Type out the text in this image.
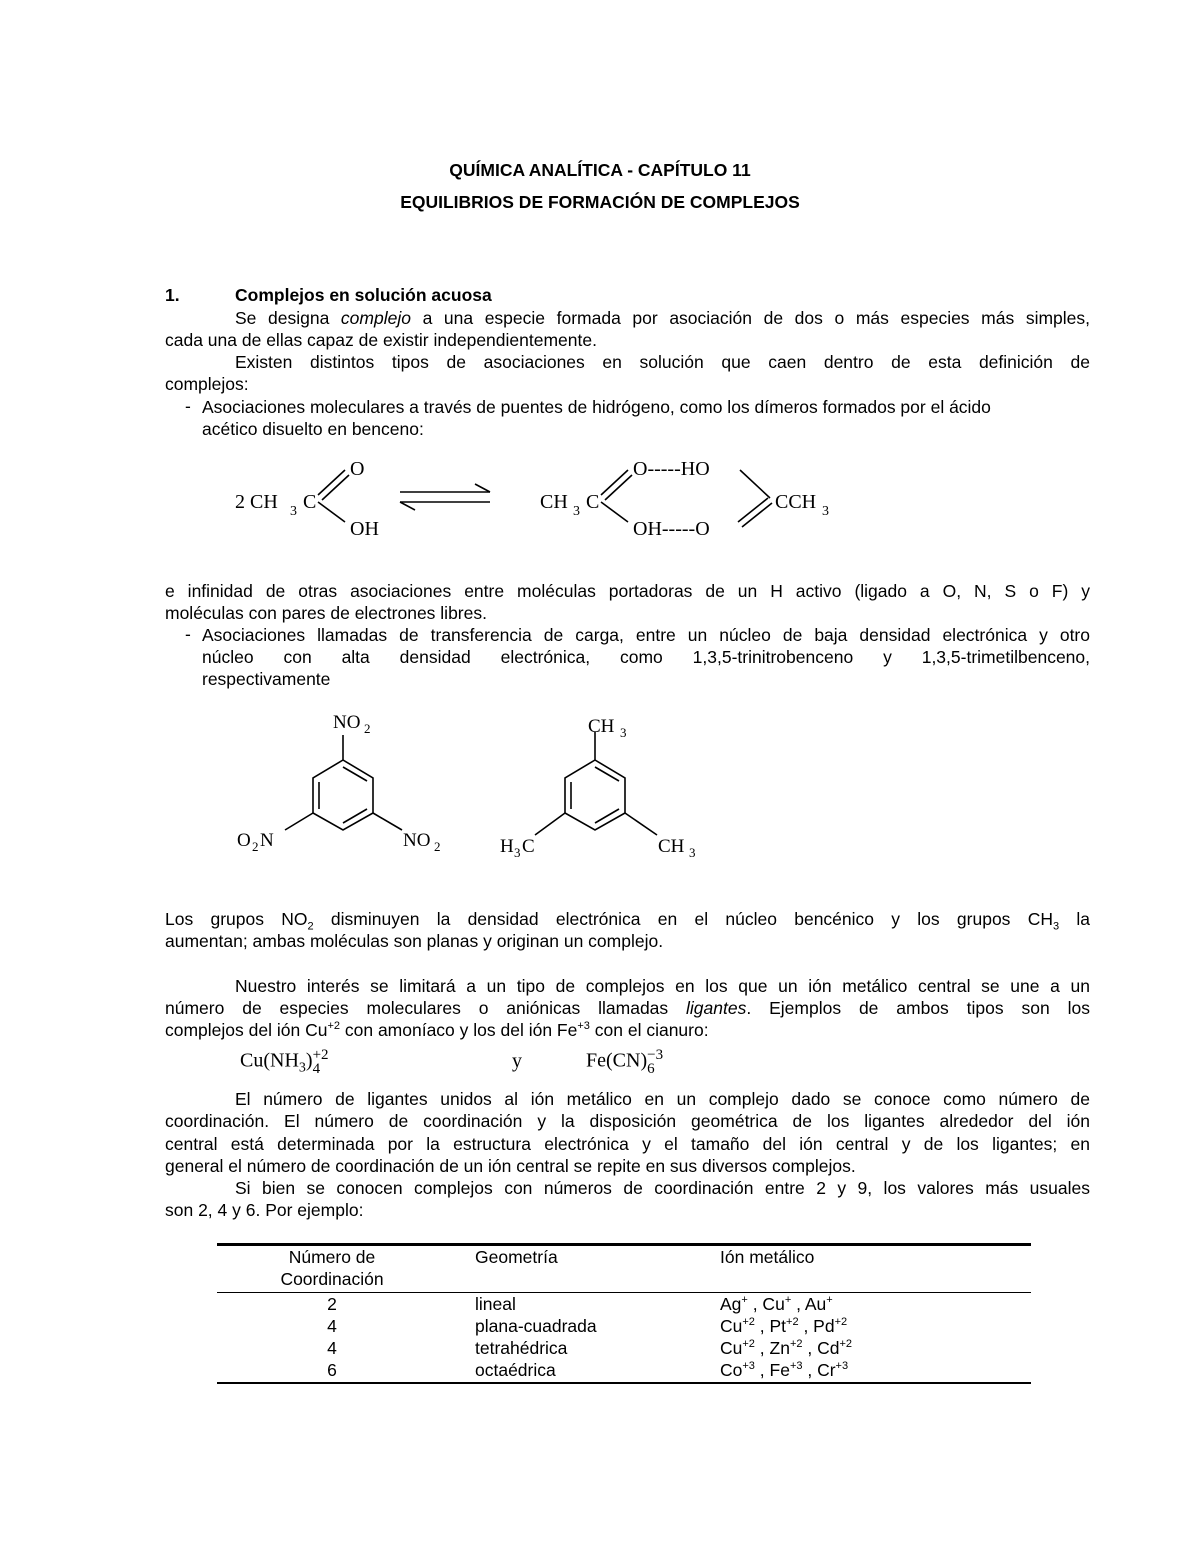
QUÍMICA ANALÍTICA - CAPÍTULO 11
EQUILIBRIOS DE FORMACIÓN DE COMPLEJOS
1.	Complejos en solución acuosa
Se designa complejo a una especie formada por asociación de dos o más especies más simples,
cada una de ellas capaz de existir independientemente.
Existen distintos tipos de asociaciones en solución que caen dentro de esta definición de
complejos:
- Asociaciones moleculares a través de puentes de hidrógeno, como los dímeros formados por el ácido
acético disuelto en benceno:
2 CH 3 C
O
OH
CH 3 C
O-----HO
OH-----O
CCH 3
e infinidad de otras asociaciones entre moléculas portadoras de un H activo (ligado a O, N, S o F) y
moléculas con pares de electrones libres.
- Asociaciones llamadas de transferencia de carga, entre un núcleo de baja densidad electrónica y otro
núcleo con alta densidad electrónica, como 1,3,5-trinitrobenceno y 1,3,5-trimetilbenceno,
respectivamente
NO 2
O 2 N	NO 2
CH 3
H 3 C	CH 3
Los grupos $NO_2$ disminuyen la densidad electrónica en el núcleo bencénico y los grupos $CH_3$ la
aumentan; ambas moléculas son planas y originan un complejo.
Nuestro interés se limitará a un tipo de complejos en los que un ión metálico central se une a un
número de especies moleculares o aniónicas llamadas ligantes. Ejemplos de ambos tipos son los
complejos del ión $Cu^{+2}$ con amoníaco y los del ión $Fe^{+3}$ con el cianuro:
$Cu(NH_3) +2$
4	y	Fe(CN) −3
6
El número de ligantes unidos al ión metálico en un complejo dado se conoce como número de
coordinación. El número de coordinación y la disposición geométrica de los ligantes alrededor del ión
central está determinada por la estructura electrónica y el tamaño del ión central y de los ligantes; en
general el número de coordinación de un ión central se repite en sus diversos complejos.
Si bien se conocen complejos con números de coordinación entre 2 y 9, los valores más usuales
son 2, 4 y 6. Por ejemplo:
Número de
Coordinación
Geometría	Ión metálico
2	lineal	Ag+ , Cu+ , Au+
4	plana-cuadrada	$Cu^{+2}$ , $Pt^{+2}$ , $Pd^{+2}$
4	tetrahédrica	$Cu^{+2}$ , $Zn^{+2}$ , $Cd^{+2}$
6	octaédrica	$Co^{+3}$ , $Fe^{+3}$ , $Cr^{+3}$
